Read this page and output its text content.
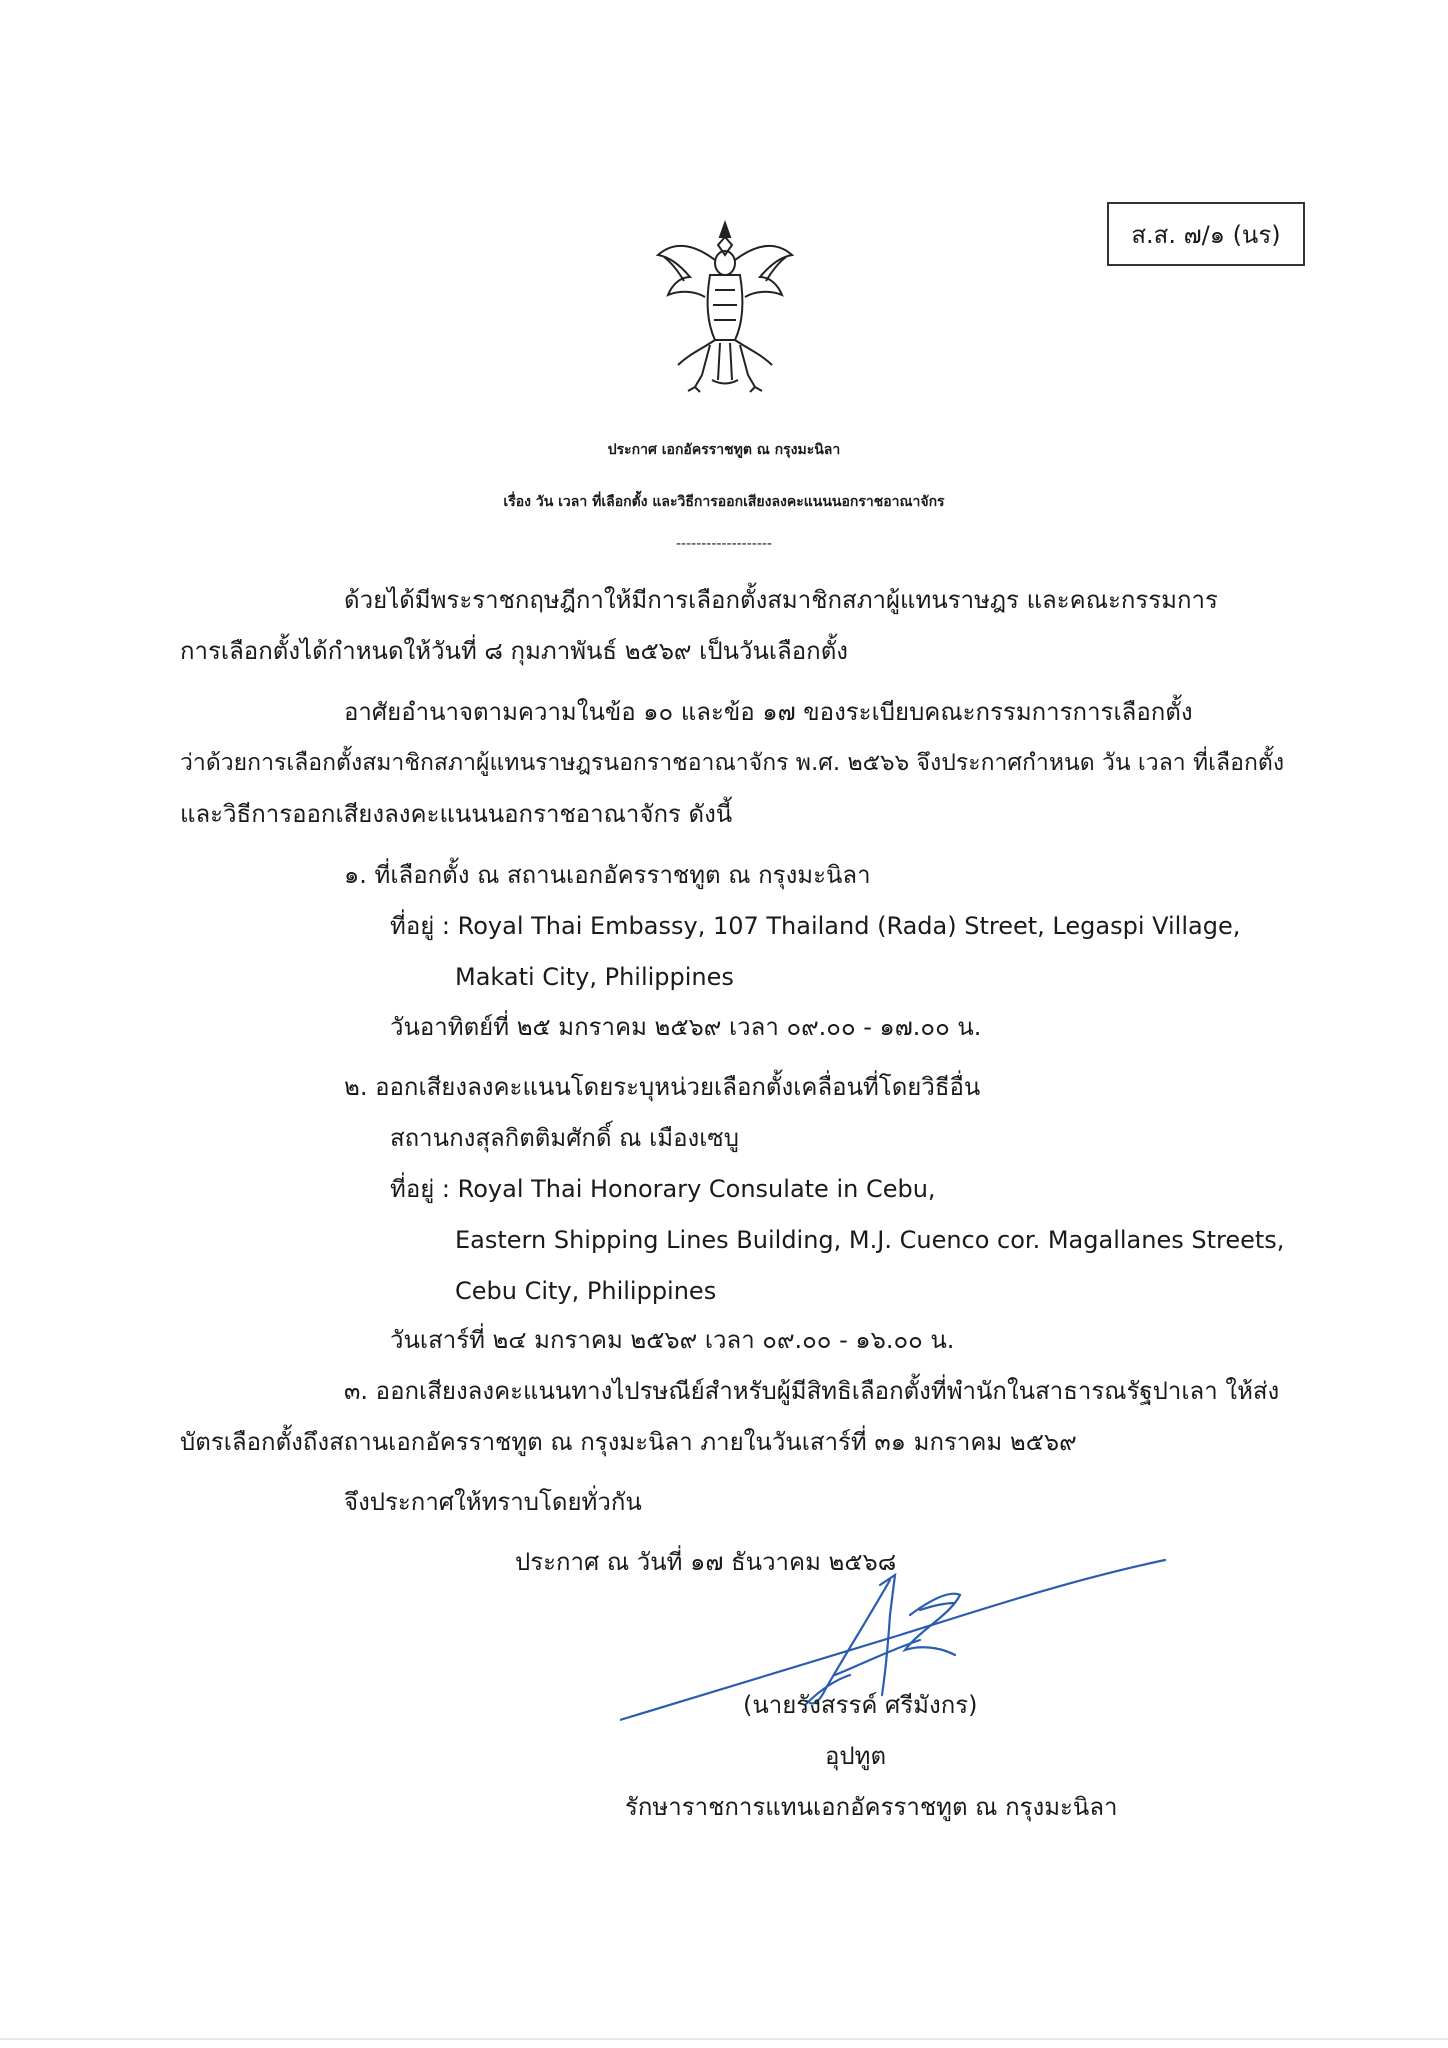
ส.ส. ๗/๑ (นร)
ประกาศ เอกอัครราชทูต ณ กรุงมะนิลา
เรื่อง วัน เวลา ที่เลือกตั้ง และวิธีการออกเสียงลงคะแนนนอกราชอาณาจักร
-------------------
ด้วยได้มีพระราชกฤษฎีกาให้มีการเลือกตั้งสมาชิกสภาผู้แทนราษฎร และคณะกรรมการ
การเลือกตั้งได้กำหนดให้วันที่ ๘ กุมภาพันธ์ ๒๕๖๙ เป็นวันเลือกตั้ง
อาศัยอำนาจตามความในข้อ ๑๐ และข้อ ๑๗ ของระเบียบคณะกรรมการการเลือกตั้ง
ว่าด้วยการเลือกตั้งสมาชิกสภาผู้แทนราษฎรนอกราชอาณาจักร พ.ศ. ๒๕๖๖ จึงประกาศกำหนด วัน เวลา ที่เลือกตั้ง
และวิธีการออกเสียงลงคะแนนนอกราชอาณาจักร ดังนี้
๑. ที่เลือกตั้ง ณ สถานเอกอัครราชทูต ณ กรุงมะนิลา
ที่อยู่ : Royal Thai Embassy, 107 Thailand (Rada) Street, Legaspi Village,
Makati City, Philippines
วันอาทิตย์ที่ ๒๕ มกราคม ๒๕๖๙ เวลา ๐๙.๐๐ - ๑๗.๐๐ น.
๒. ออกเสียงลงคะแนนโดยระบุหน่วยเลือกตั้งเคลื่อนที่โดยวิธีอื่น
สถานกงสุลกิตติมศักดิ์ ณ เมืองเซบู
ที่อยู่ : Royal Thai Honorary Consulate in Cebu,
Eastern Shipping Lines Building, M.J. Cuenco cor. Magallanes Streets,
Cebu City, Philippines
วันเสาร์ที่ ๒๔ มกราคม ๒๕๖๙ เวลา ๐๙.๐๐ - ๑๖.๐๐ น.
๓. ออกเสียงลงคะแนนทางไปรษณีย์สำหรับผู้มีสิทธิเลือกตั้งที่พำนักในสาธารณรัฐปาเลา ให้ส่ง
บัตรเลือกตั้งถึงสถานเอกอัครราชทูต ณ กรุงมะนิลา ภายในวันเสาร์ที่ ๓๑ มกราคม ๒๕๖๙
จึงประกาศให้ทราบโดยทั่วกัน
ประกาศ ณ วันที่ ๑๗ ธันวาคม ๒๕๖๘
(นายรังสรรค์ ศรีมังกร)
อุปทูต
รักษาราชการแทนเอกอัครราชทูต ณ กรุงมะนิลา
